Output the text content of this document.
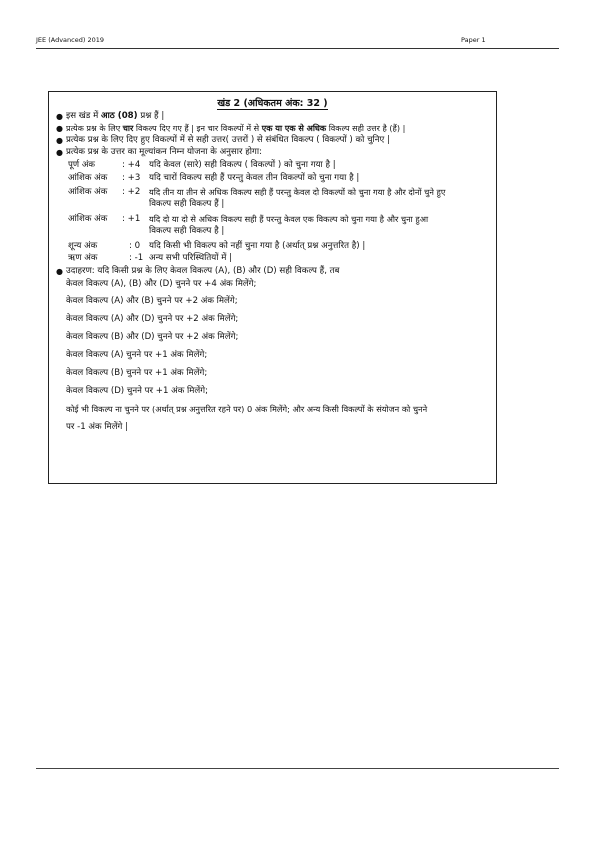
JEE (Advanced) 2019	Paper 1
खंड 2 (अधिकतम अंक: 32 )
● इस खंड में आठ (08) प्रश्न हैं |
● प्रत्येक प्रश्न के लिए चार विकल्प दिए गए हैं | इन चार विकल्पों में से एक या एक से अधिक विकल्प सही उत्तर है (हैं) |
● प्रत्येक प्रश्न के लिए दिए हुए विकल्पों में से सही उत्तर( उत्तरों ) से संबंधित विकल्प ( विकल्पों ) को चुनिए |
● प्रत्येक प्रश्न के उत्तर का मूल्यांकन निम्न योजना के अनुसार होगा:
पूर्ण अंक	: +4 यदि केवल (सारे) सही विकल्प ( विकल्पों ) को चुना गया है |
आंशिक अंक : +3 यदि चारों विकल्प सही हैं परन्तु केवल तीन विकल्पों को चुना गया है |
आंशिक अंक : +2 यदि तीन या तीन से अधिक विकल्प सही हैं परन्तु केवल दो विकल्पों को चुना गया है और दोनों चुने हुए
विकल्प सही विकल्प हैं |
आंशिक अंक : +1 यदि दो या दो से अधिक विकल्प सही हैं परन्तु केवल एक विकल्प को चुना गया है और चुना हुआ
विकल्प सही विकल्प है |
शून्य अंक	: 0 यदि किसी भी विकल्प को नहीं चुना गया है (अर्थात् प्रश्न अनुत्तरित है) |
ऋण अंक	: -1 अन्य सभी परिस्थितियों में |
● उदाहरण: यदि किसी प्रश्न के लिए केवल विकल्प (A), (B) और (D) सही विकल्प हैं, तब
केवल विकल्प (A), (B) और (D) चुनने पर +4 अंक मिलेंगे;
केवल विकल्प (A) और (B) चुनने पर +2 अंक मिलेंगे;
केवल विकल्प (A) और (D) चुनने पर +2 अंक मिलेंगे;
केवल विकल्प (B) और (D) चुनने पर +2 अंक मिलेंगे;
केवल विकल्प (A) चुनने पर +1 अंक मिलेंगे;
केवल विकल्प (B) चुनने पर +1 अंक मिलेंगे;
केवल विकल्प (D) चुनने पर +1 अंक मिलेंगे;
कोई भी विकल्प ना चुनने पर (अर्थात् प्रश्न अनुत्तरित रहने पर) 0 अंक मिलेंगे; और अन्य किसी विकल्पों के संयोजन को चुनने
पर -1 अंक मिलेंगे |
